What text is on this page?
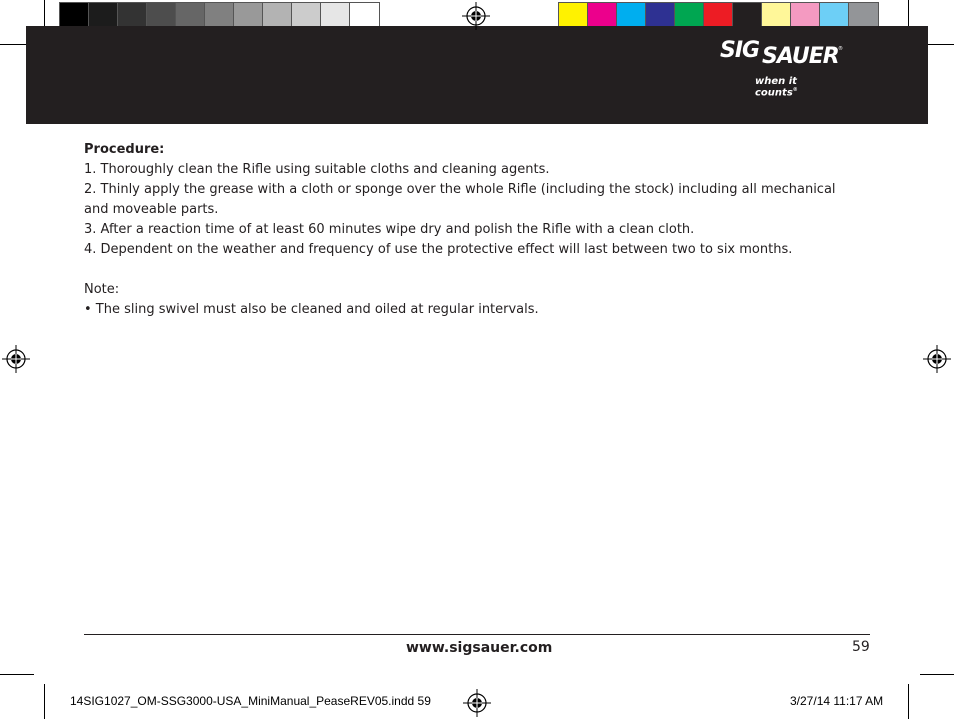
SIG SAUER ®
when it counts®

Procedure:

1. Thoroughly clean the Rifle using suitable cloths and cleaning agents.

2. Thinly apply the grease with a cloth or sponge over the whole Rifle (including the stock) including all mechanical and moveable parts.

3. After a reaction time of at least 60 minutes wipe dry and polish the Rifle with a clean cloth.

4. Dependent on the weather and frequency of use the protective effect will last between two to six months.

Note:

• The sling swivel must also be cleaned and oiled at regular intervals.

www.sigsauer.com	59
14SIG1027_OM-SSG3000-USA_MiniManual_PeaseREV05.indd 59	3/27/14 11:17 AM
